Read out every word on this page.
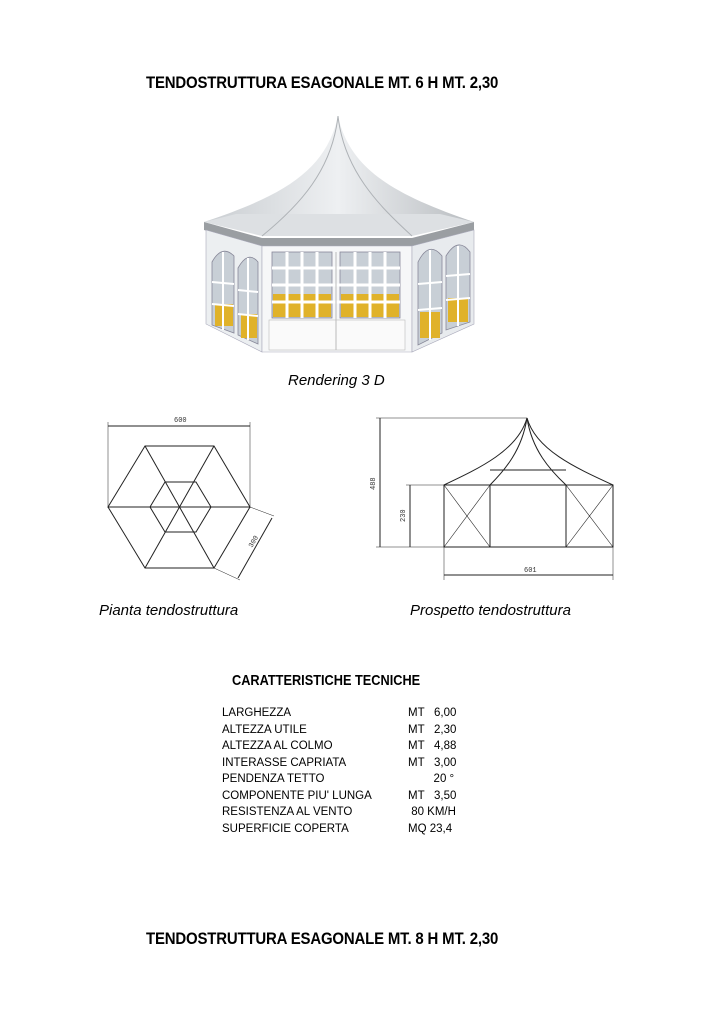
TENDOSTRUTTURA ESAGONALE MT. 6 H MT. 2,30
Rendering 3 D
600
300
488
230
601
Pianta tendostruttura	Prospetto tendostruttura
CARATTERISTICHE TECNICHE
LARGHEZZA	MT   6,00
ALTEZZA UTILE	MT   2,30
ALTEZZA AL COLMO	MT   4,88
INTERASSE CAPRIATA	MT   3,00
PENDENZA TETTO	20 °
COMPONENTE PIU' LUNGA	MT   3,50
RESISTENZA AL VENTO	80 KM/H
SUPERFICIE COPERTA	MQ 23,4
TENDOSTRUTTURA ESAGONALE MT. 8 H MT. 2,30
